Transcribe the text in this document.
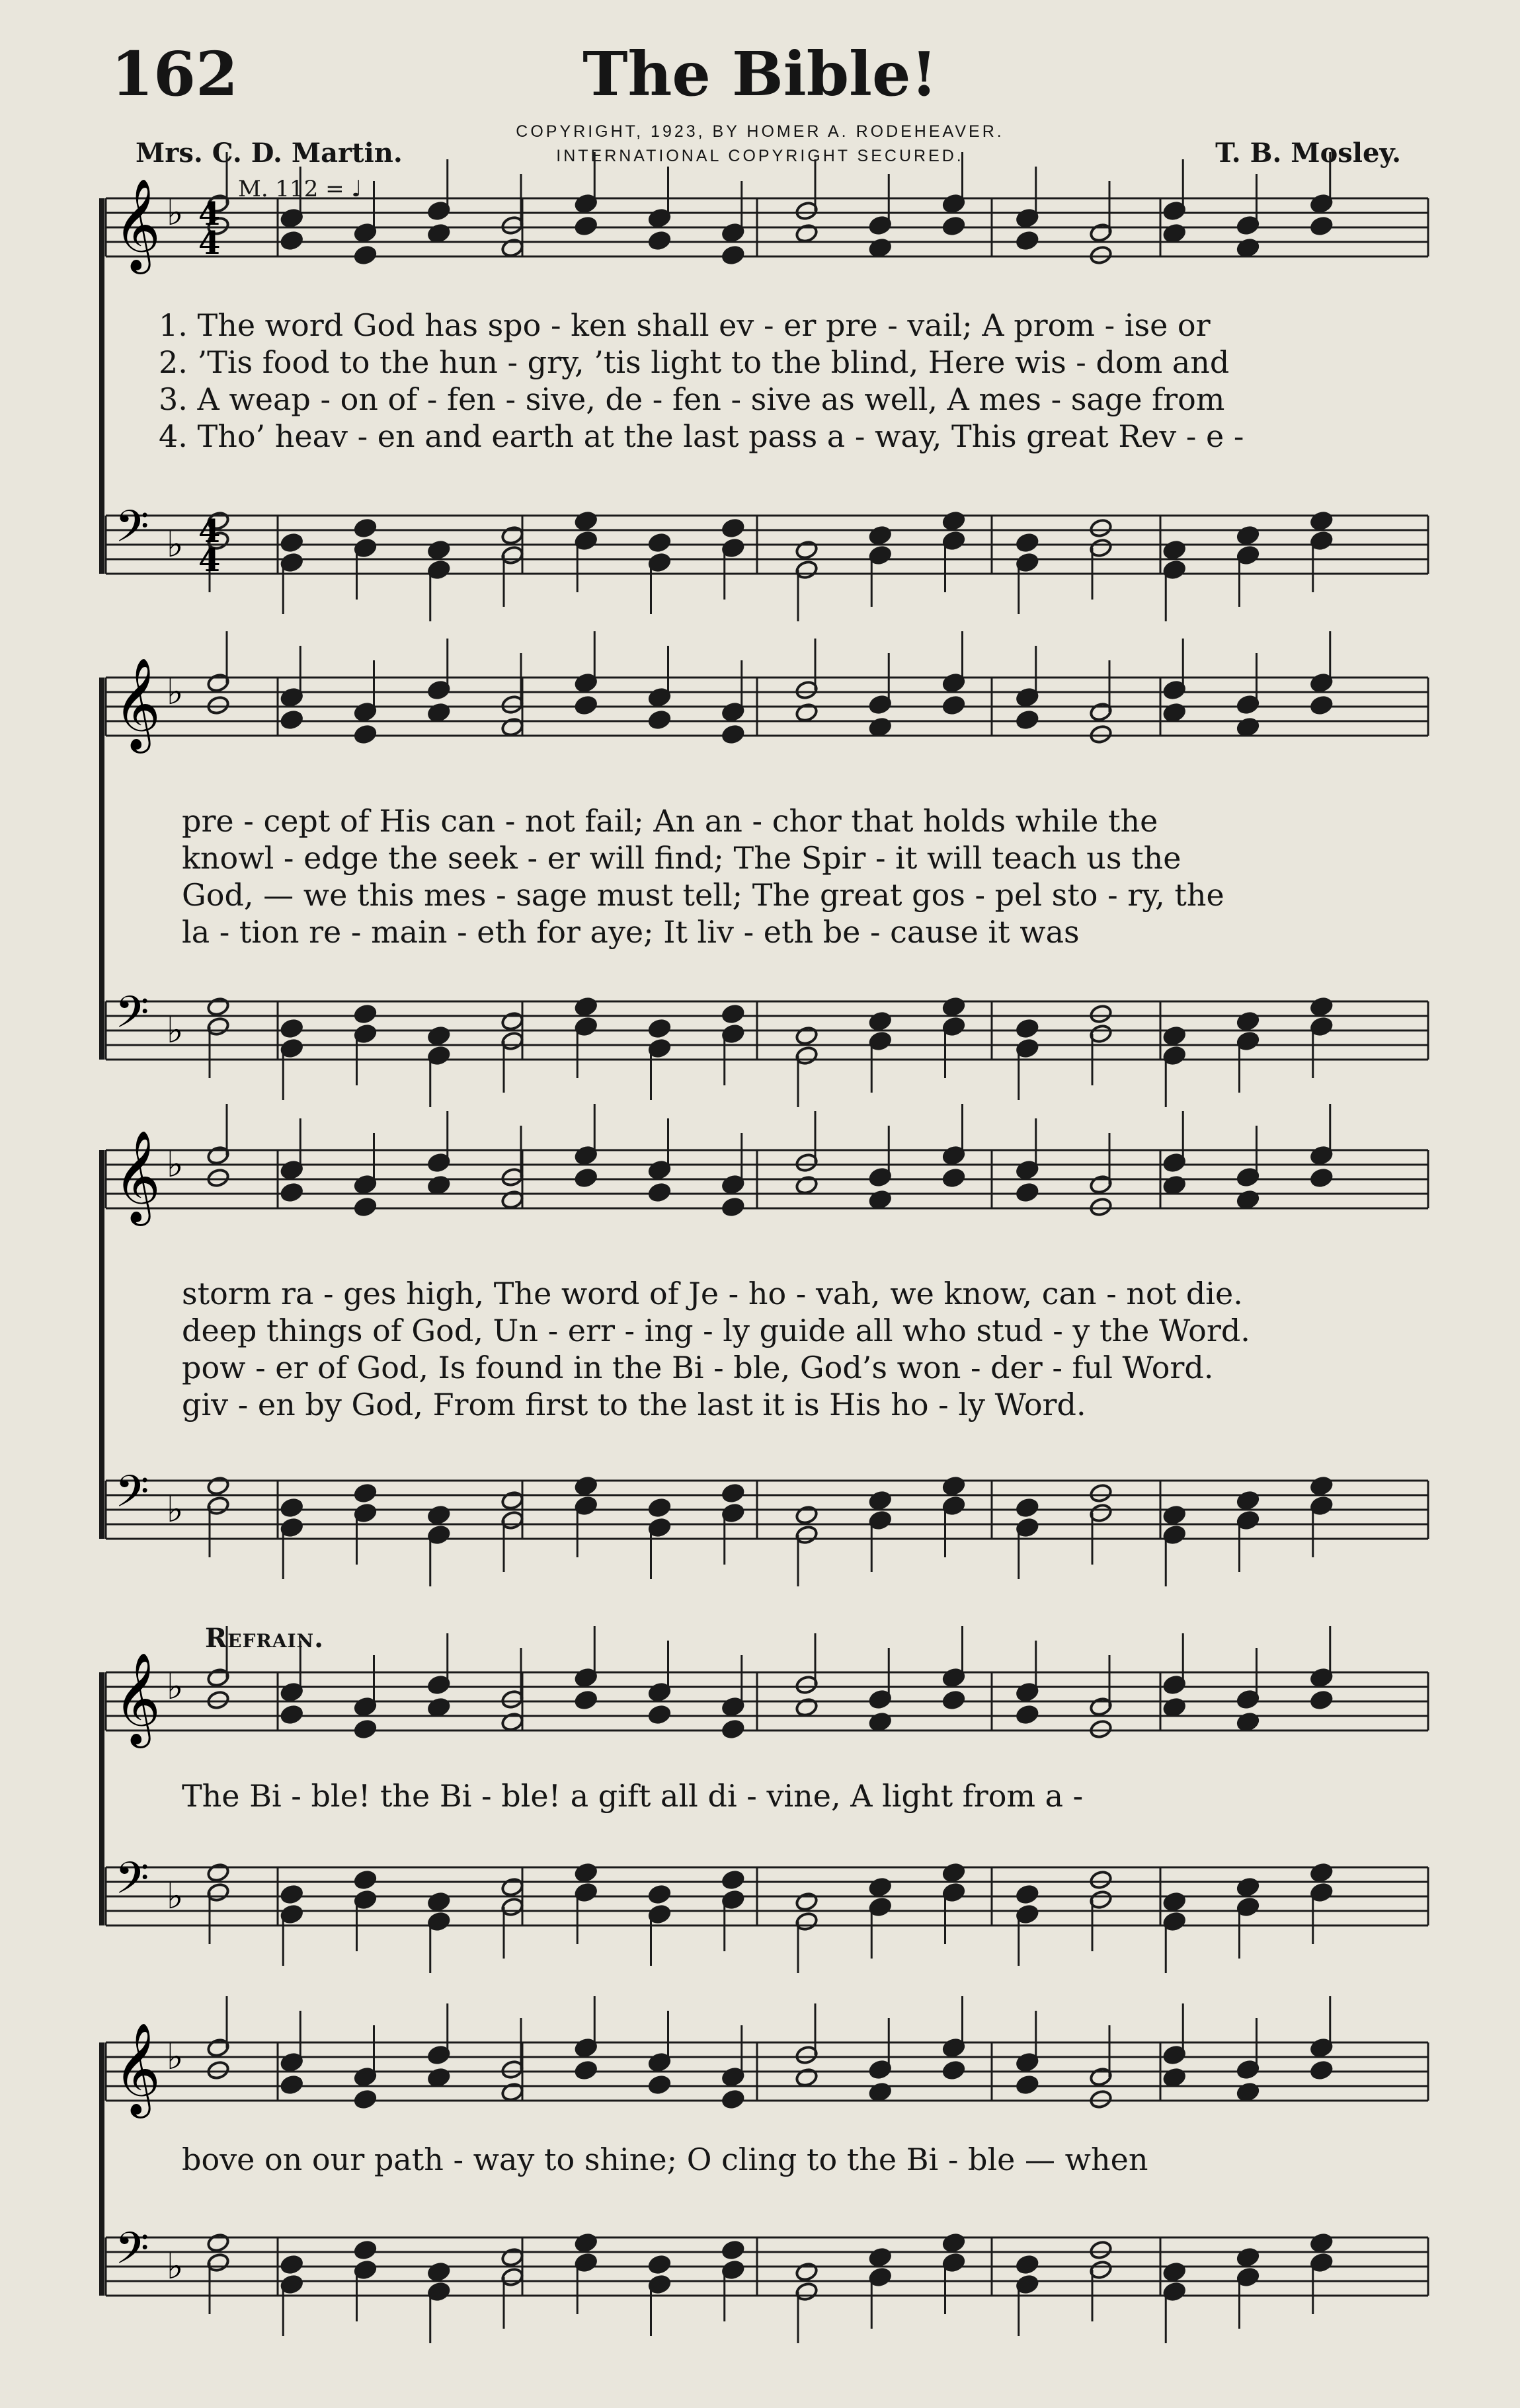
162	The Bible!
COPYRIGHT, 1923, BY HOMER A. RODEHEAVER.
INTERNATIONAL COPYRIGHT SECURED.
Mrs. C. D. Martin.	T. B. Mosley.
M. 112 = ♩
Refrain.
𝄞
𝄢
♭
♭
𝄞
𝄢
♭
♭
𝄞
𝄢
♭
♭
𝄞
𝄢
♭
♭
𝄞
𝄢
♭
♭
4
4
4
4
1. The word God has spo - ken shall ev - er pre - vail; A prom - ise or
2. ’Tis food to the hun - gry, ’tis light to the blind, Here wis - dom and
3. A weap - on of - fen - sive, de - fen - sive as well, A mes - sage from
4. Tho’ heav - en and earth at the last pass a - way, This great Rev - e -
pre - cept of His can - not fail; An an - chor that holds while the
knowl - edge the seek - er will find; The Spir - it will teach us the
God, — we this mes - sage must tell; The great gos - pel sto - ry, the
la - tion re - main - eth for aye; It liv - eth be - cause it was
storm ra - ges high, The word of Je - ho - vah, we know, can - not die.
deep things of God, Un - err - ing - ly guide all who stud - y the Word.
pow - er of God, Is found in the Bi - ble, God’s won - der - ful Word.
giv - en by God, From first to the last it is His ho - ly Word.
The Bi - ble! the Bi - ble! a gift all di - vine, A light from a -
bove on our path - way to shine; O cling to the Bi - ble — when
